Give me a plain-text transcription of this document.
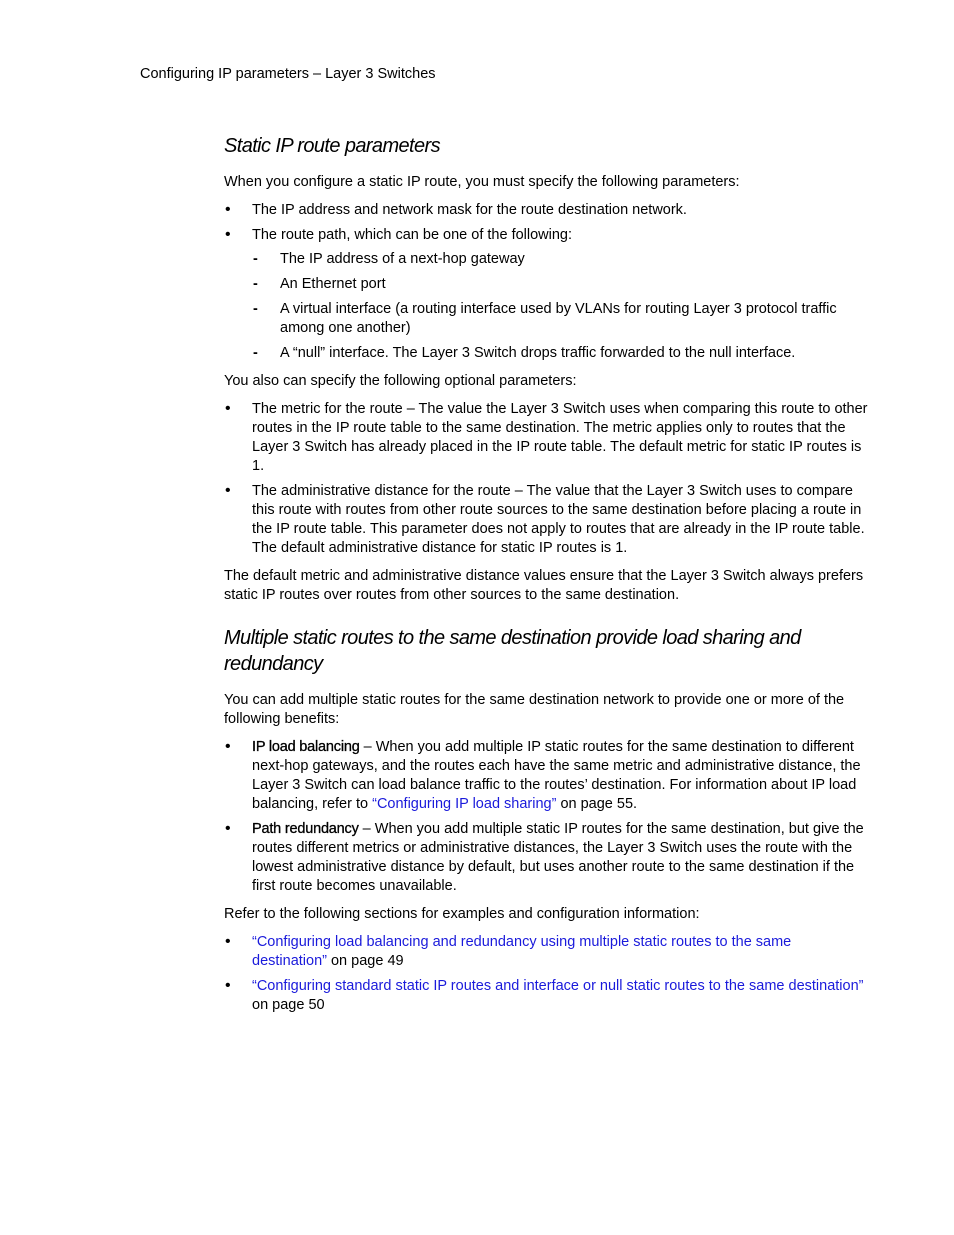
Configuring IP parameters – Layer 3 Switches

Static IP route parameters

When you configure a static IP route, you must specify the following parameters:

• The IP address and network mask for the route destination network.
• The route path, which can be one of the following:
- The IP address of a next-hop gateway
- An Ethernet port
- A virtual interface (a routing interface used by VLANs for routing Layer 3 protocol traffic among one another)
- A “null” interface. The Layer 3 Switch drops traffic forwarded to the null interface.

You also can specify the following optional parameters:

• The metric for the route – The value the Layer 3 Switch uses when comparing this route to other routes in the IP route table to the same destination. The metric applies only to routes that the Layer 3 Switch has already placed in the IP route table. The default metric for static IP routes is 1.
• The administrative distance for the route – The value that the Layer 3 Switch uses to compare this route with routes from other route sources to the same destination before placing a route in the IP route table. This parameter does not apply to routes that are already in the IP route table. The default administrative distance for static IP routes is 1.

The default metric and administrative distance values ensure that the Layer 3 Switch always prefers static IP routes over routes from other sources to the same destination.

Multiple static routes to the same destination provide load sharing and redundancy

You can add multiple static routes for the same destination network to provide one or more of the following benefits:

• IP load balancing – When you add multiple IP static routes for the same destination to different next-hop gateways, and the routes each have the same metric and administrative distance, the Layer 3 Switch can load balance traffic to the routes’ destination. For information about IP load balancing, refer to “Configuring IP load sharing” on page 55.
• Path redundancy – When you add multiple static IP routes for the same destination, but give the routes different metrics or administrative distances, the Layer 3 Switch uses the route with the lowest administrative distance by default, but uses another route to the same destination if the first route becomes unavailable.

Refer to the following sections for examples and configuration information:

• “Configuring load balancing and redundancy using multiple static routes to the same destination” on page 49
• “Configuring standard static IP routes and interface or null static routes to the same destination” on page 50
